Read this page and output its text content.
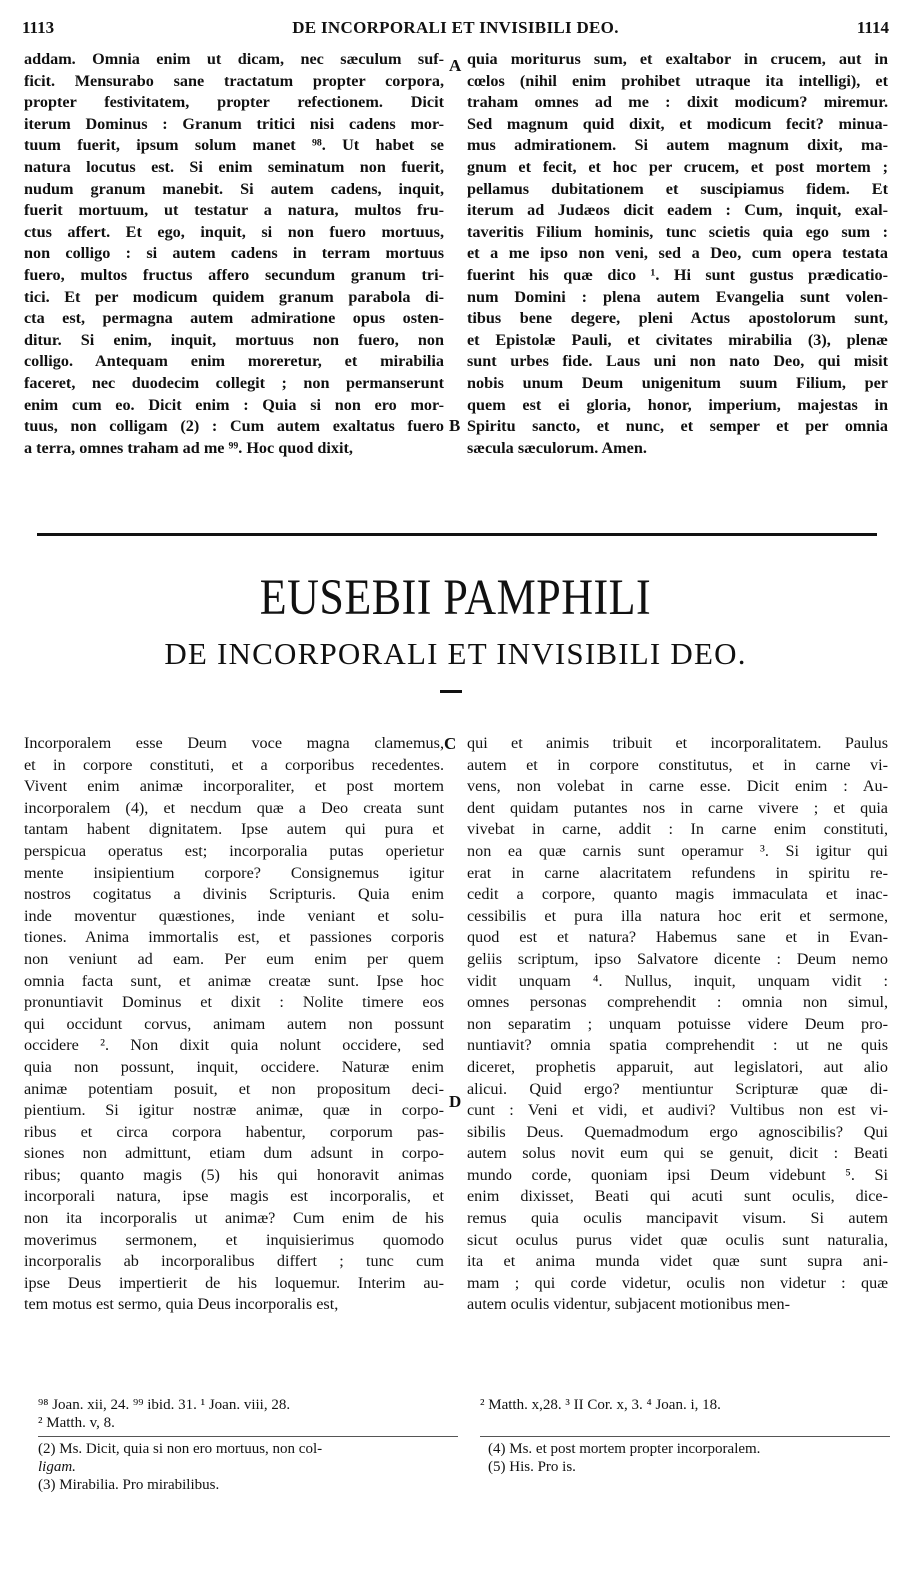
1113	DE INCORPORALI ET INVISIBILI DEO.	1114
addam. Omnia enim ut dicam, nec sæculum suf-
ficit. Mensurabo sane tractatum propter corpora,
propter festivitatem, propter refectionem. Dicit
iterum Dominus : Granum tritici nisi cadens mor-
tuum fuerit, ipsum solum manet ⁹⁸. Ut habet se
natura locutus est. Si enim seminatum non fuerit,
nudum granum manebit. Si autem cadens, inquit,
fuerit mortuum, ut testatur a natura, multos fru-
ctus affert. Et ego, inquit, si non fuero mortuus,
non colligo : si autem cadens in terram mortuus
fuero, multos fructus affero secundum granum tri-
tici. Et per modicum quidem granum parabola di-
cta est, permagna autem admiratione opus osten-
ditur. Si enim, inquit, mortuus non fuero, non
colligo. Antequam enim moreretur, et mirabilia
faceret, nec duodecim collegit ; non permanserunt
enim cum eo. Dicit enim : Quia si non ero mor-
tuus, non colligam (2) : Cum autem exaltatus fuero
a terra, omnes traham ad me ⁹⁹. Hoc quod dixit,
quia moriturus sum, et exaltabor in crucem, aut in
cœlos (nihil enim prohibet utraque ita intelligi), et
traham omnes ad me : dixit modicum? miremur.
Sed magnum quid dixit, et modicum fecit? minua-
mus admirationem. Si autem magnum dixit, ma-
gnum et fecit, et hoc per crucem, et post mortem ;
pellamus dubitationem et suscipiamus fidem. Et
iterum ad Judæos dicit eadem : Cum, inquit, exal-
taveritis Filium hominis, tunc scietis quia ego sum :
et a me ipso non veni, sed a Deo, cum opera testata
fuerint his quæ dico ¹. Hi sunt gustus prædicatio-
num Domini : plena autem Evangelia sunt volen-
tibus bene degere, pleni Actus apostolorum sunt,
et Epistolæ Pauli, et civitates mirabilia (3), plenæ
sunt urbes fide. Laus uni non nato Deo, qui misit
nobis unum Deum unigenitum suum Filium, per
quem est ei gloria, honor, imperium, majestas in
Spiritu sancto, et nunc, et semper et per omnia
sæcula sæculorum. Amen.
A
B
EUSEBII PAMPHILI
DE INCORPORALI ET INVISIBILI DEO.
Incorporalem esse Deum voce magna clamemus,
et in corpore constituti, et a corporibus recedentes.
Vivent enim animæ incorporaliter, et post mortem
incorporalem (4), et necdum quæ a Deo creata sunt
tantam habent dignitatem. Ipse autem qui pura et
perspicua operatus est; incorporalia putas operietur
mente insipientium corpore? Consignemus igitur
nostros cogitatus a divinis Scripturis. Quia enim
inde moventur quæstiones, inde veniant et solu-
tiones. Anima immortalis est, et passiones corporis
non veniunt ad eam. Per eum enim per quem
omnia facta sunt, et animæ creatæ sunt. Ipse hoc
pronuntiavit Dominus et dixit : Nolite timere eos
qui occidunt corvus, animam autem non possunt
occidere ². Non dixit quia nolunt occidere, sed
quia non possunt, inquit, occidere. Naturæ enim
animæ potentiam posuit, et non propositum deci-
pientium. Si igitur nostræ animæ, quæ in corpo-
ribus et circa corpora habentur, corporum pas-
siones non admittunt, etiam dum adsunt in corpo-
ribus; quanto magis (5) his qui honoravit animas
incorporali natura, ipse magis est incorporalis, et
non ita incorporalis ut animæ? Cum enim de his
moverimus sermonem, et inquisierimus quomodo
incorporalis ab incorporalibus differt ; tunc cum
ipse Deus impertierit de his loquemur. Interim au-
tem motus est sermo, quia Deus incorporalis est,
qui et animis tribuit et incorporalitatem. Paulus
autem et in corpore constitutus, et in carne vi-
vens, non volebat in carne esse. Dicit enim : Au-
dent quidam putantes nos in carne vivere ; et quia
vivebat in carne, addit : In carne enim constituti,
non ea quæ carnis sunt operamur ³. Si igitur qui
erat in carne alacritatem refundens in spiritu re-
cedit a corpore, quanto magis immaculata et inac-
cessibilis et pura illa natura hoc erit et sermone,
quod est et natura? Habemus sane et in Evan-
geliis scriptum, ipso Salvatore dicente : Deum nemo
vidit unquam ⁴. Nullus, inquit, unquam vidit :
omnes personas comprehendit : omnia non simul,
non separatim ; unquam potuisse videre Deum pro-
nuntiavit? omnia spatia comprehendit : ut ne quis
diceret, prophetis apparuit, aut legislatori, aut alio
alicui. Quid ergo? mentiuntur Scripturæ quæ di-
cunt : Veni et vidi, et audivi? Vultibus non est vi-
sibilis Deus. Quemadmodum ergo agnoscibilis? Qui
autem solus novit eum qui se genuit, dicit : Beati
mundo corde, quoniam ipsi Deum videbunt ⁵. Si
enim dixisset, Beati qui acuti sunt oculis, dice-
remus quia oculis mancipavit visum. Si autem
sicut oculus purus videt quæ oculis sunt naturalia,
ita et anima munda videt quæ sunt supra ani-
mam ; qui corde videtur, oculis non videtur : quæ
autem oculis videntur, subjacent motionibus men-
C
D
⁹⁸ Joan. xii, 24. ⁹⁹ ibid. 31. ¹ Joan. viii, 28.
² Matth. v, 8.
(2) Ms. Dicit, quia si non ero mortuus, non col-
ligam.
(3) Mirabilia. Pro mirabilibus.
² Matth. x,28. ³ II Cor. x, 3. ⁴ Joan. i, 18.
(4) Ms. et post mortem propter incorporalem.
(5) His. Pro is.
